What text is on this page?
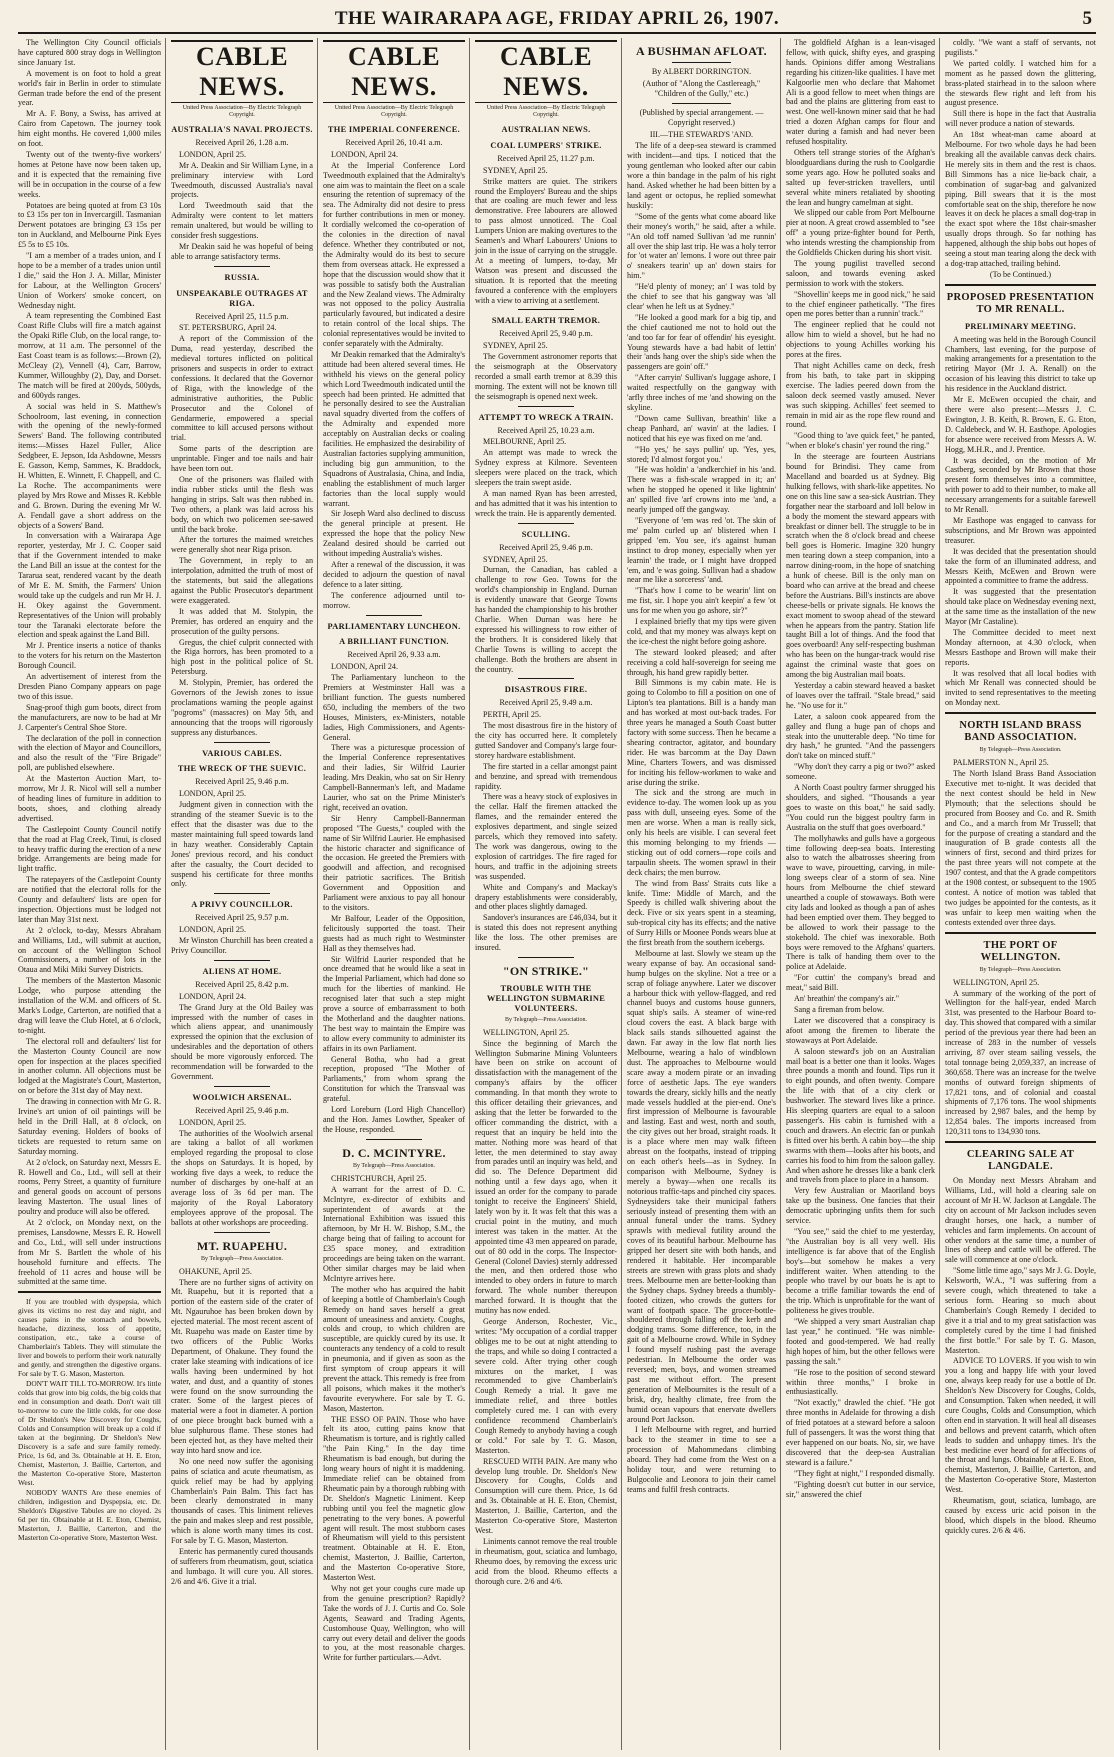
THE WAIRARAPA AGE, FRIDAY APRIL 26, 1907.	5

The Wellington City Council officials have captured 800 stray dogs in Wellington since January 1st.

A movement is on foot to hold a great world's fair in Berlin in order to stimulate German trade before the end of the present year.

Mr A. F. Bony, a Swiss, has arrived at Cairo from Capetown. The journey took him eight months. He covered 1,000 miles on foot.

Twenty out of the twenty-five workers' homes at Petone have now been taken up, and it is expected that the remaining five will be in occupation in the course of a few weeks.

Potatoes are being quoted at from £3 10s to £3 15s per ton in Invercargill. Tasmanian Derwent potatoes are bringing £3 15s per ton in Auckland, and Melbourne Pink Eyes £5 5s to £5 10s.

"I am a member of a trades union, and I hope to be a member of a trades union until I die," said the Hon J. A. Millar, Minister for Labour, at the Wellington Grocers' Union of Workers' smoke concert, on Wednesday night.

A team representing the Combined East Coast Rifle Clubs will fire a match against the Opaki Rifle Club, on the local range, to-morrow, at 11 a.m. The personnel of the East Coast team is as follows:—Brown (2), McCleay (2), Vennell (4), Carr, Barrow, Kummer, Willoughby (2), Day, and Dorset. The match will be fired at 200yds, 500yds, and 600yds ranges.

A social was held in S. Matthew's Schoolroom, last evening, in connection with the opening of the newly-formed Sewers' Band. The following contributed items:—Misses Hazel Fuller, Alice Sedgbeer, E. Jepson, Ida Ashdowne, Messrs E. Gasson, Kemp, Sammes, K. Braddock, H. Whitten, E. Winnett, F. Chappell, and C. La Roche. The accompaniments were played by Mrs Rowe and Misses R. Kebble and G. Brown. During the evening Mr W. A. Fendall gave a short address on the objects of a Sowers' Band.

In conversation with a Wairarapa Age reporter, yesterday, Mr J. C. Cooper said that if the Government intended to make the Land Bill an issue at the contest for the Tararua seat, rendered vacant by the death of Mr E. M. Smith, the Farmers' Union would take up the cudgels and run Mr H. J. H. Okey against the Government. Representatives of the Union will probably tour the Taranaki electorate before the election and speak against the Land Bill.

Mr J. Prentice inserts a notice of thanks to the voters for his return on the Masterton Borough Council.

An advertisement of interest from the Dresden Piano Company appears on page two of this issue.

Snag-proof thigh gum boots, direct from the manufacturers, are now to be had at Mr J. Carpenter's Central Shoe Store.

The declaration of the poll in connection with the election of Mayor and Councillors, and also the result of the "Fire Brigade" poll, are published elsewhere.

At the Masterton Auction Mart, to-morrow, Mr J. R. Nicol will sell a number of heading lines of furniture in addition to boots, shoes, and clothing already advertised.

The Castlepoint County Council notify that the road at Flag Creek, Tinui, is closed to heavy traffic during the erection of a new bridge. Arrangements are being made for light traffic.

The ratepayers of the Castlepoint County are notified that the electoral rolls for the County and defaulters' lists are open for inspection. Objections must be lodged not later than May 31st next.

At 2 o'clock, to-day, Messrs Abraham and Williams, Ltd., will submit at auction, on account of the Wellington School Commissioners, a number of lots in the Otaua and Miki Miki Survey Districts.

The members of the Masterton Masonic Lodge, who purpose attending the installation of the W.M. and officers of St. Mark's Lodge, Carterton, are notified that a drag will leave the Club Hotel, at 6 o'clock, to-night.

The electoral roll and defaulters' list for the Masterton County Council are now open for inspection at the places specified in another column. All objections must be lodged at the Magistrate's Court, Masterton, on or before the 31st day of May next.

The drawing in connection with Mr G. R. Irvine's art union of oil paintings will be held in the Drill Hall, at 8 o'clock, on Saturday evening. Holders of books of tickets are requested to return same on Saturday morning.

At 2 o'clock, on Saturday next, Messrs E. R. Howell and Co., Ltd., will sell at their rooms, Perry Street, a quantity of furniture and general goods on account of persons leaving Masterton. The usual lines of poultry and produce will also be offered.

At 2 o'clock, on Monday next, on the premises, Lansdowne, Messrs E. R. Howell and Co., Ltd., will sell under instructions from Mr S. Bartlett the whole of his household furniture and effects. The freehold of 11 acres and house will be submitted at the same time.

If you are troubled with dyspepsia, which gives its victims no rest day and night, and causes pains in the stomach and bowels, headache, dizziness, loss of appetite, constipation, etc., take a course of Chamberlain's Tablets. They will stimulate the liver and bowels to perform their work naturally and gently, and strengthen the digestive organs. For sale by T. G. Mason, Masterton.

DON'T WAIT TILL TO-MORROW. It's little colds that grow into big colds, the big colds that end in consumption and death. Don't wait till to-morrow to cure the little colds, for one dose of Dr Sheldon's New Discovery for Coughs, Colds and Consumption will break up a cold if taken at the beginning. Dr Sheldon's New Discovery is a safe and sure family remedy. Price, 1s 6d, and 3s. Obtainable at H. E. Eton, Chemist, Masterton, J. Baillie, Carterton, and the Masterton Co-operative Store, Masterton West.

NOBODY WANTS Are these enemies of children, indigestion and Dyspepsia, etc. Dr. Sheldon's Digestive Tabules are no cloyed. 2s 6d per tin. Obtainable at H. E. Eton, Chemist, Masterton, J. Baillie, Carterton, and the Masterton Co-operative Store, Masterton West.

CABLE NEWS.
United Press Association—By Electric Telegraph Copyright.
AUSTRALIA'S NAVAL PROJECTS.
Received April 26, 1.28 a.m.

LONDON, April 25.

Mr A. Deakin and Sir William Lyne, in a preliminary interview with Lord Tweedmouth, discussed Australia's naval projects.

Lord Tweedmouth said that the Admiralty were content to let matters remain unaltered, but would be willing to consider fresh suggestions.

Mr Deakin said he was hopeful of being able to arrange satisfactory terms.

RUSSIA.
UNSPEAKABLE OUTRAGES AT RIGA.
Received April 25, 11.5 p.m.

ST. PETERSBURG, April 24.

A report of the Commission of the Duma, read yesterday, described the medieval tortures inflicted on political prisoners and suspects in order to extract confessions. It declared that the Governor of Riga, with the knowledge of the administrative authorities, the Public Prosecutor and the Colonel of Gendarmerie, empowered a special committee to kill accused persons without trial.

Some parts of the description are unprintable. Finger and toe nails and hair have been torn out.

One of the prisoners was flailed with india rubber sticks until the flesh was hanging in strips. Salt was then rubbed in. Two others, a plank was laid across his body, on which two policemen see-sawed until the back broke.

After the tortures the maimed wretches were generally shot near Riga prison.

The Government, in reply to an interpolation, admitted the truth of most of the statements, but said the allegations against the Public Prosecutor's department were exaggerated.

It was added that M. Stolypin, the Premier, has ordered an enquiry and the prosecution of the guilty persons.

Gregus, the chief culprit connected with the Riga horrors, has been promoted to a high post in the political police of St. Petersburg.

M. Stolypin, Premier, has ordered the Governors of the Jewish zones to issue proclamations warning the people against "pogroms" (massacres) on May 5th, and announcing that the troops will rigorously suppress any disturbances.

VARIOUS CABLES.
THE WRECK OF THE SUEVIC.
Received April 25, 9.46 p.m.

LONDON, April 25.

Judgment given in connection with the stranding of the steamer Suevic is to the effect that the disaster was due to the master maintaining full speed towards land in hazy weather. Considerably Captain Jones' previous record, and his conduct after the casualty, the Court decided to suspend his certificate for three months only.

A PRIVY COUNCILLOR.
Received April 25, 9.57 p.m.

LONDON, April 25.

Mr Winston Churchill has been created a Privy Councillor.

ALIENS AT HOME.
Received April 25, 8.42 p.m.

LONDON, April 24.

The Grand Jury at the Old Bailey was impressed with the number of cases in which aliens appear, and unanimously expressed the opinion that the exclusion of undesirables and the deportation of others should be more vigorously enforced. The recommendation will be forwarded to the Government.

WOOLWICH ARSENAL.
Received April 25, 9.46 p.m.

LONDON, April 25.

The authorities of the Woolwich arsenal are taking a ballot of all workmen employed regarding the proposal to close the shops on Saturdays. It is hoped, by working five days a week, to reduce the number of discharges by one-half at an average loss of 3s 6d per man. The majority of the Royal Laboratory employees approve of the proposal. The ballots at other workshops are proceeding.

MT. RUAPEHU.
By Telegraph—Press Association.

OHAKUNE, April 25.

There are no further signs of activity on Mt. Ruapehu, but it is reported that a portion of the eastern side of the crater of Mt. Ngauruhoe has been broken down by ejected material. The most recent ascent of Mt. Ruapehu was made on Easter time by two officers of the Public Works Department, of Ohakune. They found the crater lake steaming with indications of ice walls having been undermined by hot water, and dust, and a quantity of stones were found on the snow surrounding the crater. Some of the largest pieces of material were a foot in diameter. A portion of one piece brought back burned with a blue sulphurous flame. These stones had been ejected hot, as they have melted their way into hard snow and ice.

No one need now suffer the agonising pains of sciatica and acute rheumatism, as quick relief may be had by applying Chamberlain's Pain Balm. This fact has been clearly demonstrated in many thousands of cases. This liniment relieves the pain and makes sleep and rest possible, which is alone worth many times its cost. For sale by T. G. Mason, Masterton.

Enteric has permanently cured thousands of sufferers from rheumatism, gout, sciatica and lumbago. It will cure you. All stores. 2/6 and 4/6. Give it a trial.

CABLE NEWS.
United Press Association—By Electric Telegraph Copyright.
THE IMPERIAL CONFERENCE.
Received April 26, 10.41 a.m.

LONDON, April 24.

At the Imperial Conference Lord Tweedmouth explained that the Admiralty's one aim was to maintain the fleet on a scale ensuring the retention of supremacy of the sea. The Admiralty did not desire to press for further contributions in men or money. It cordially welcomed the co-operation of the colonies in the direction of naval defence. Whether they contributed or not, the Admiralty would do its best to secure them from overseas attack. He expressed a hope that the discussion would show that it was possible to satisfy both the Australian and the New Zealand views. The Admiralty was not opposed to the policy Australia particularly favoured, but indicated a desire to retain control of the local ships. The colonial representatives would be invited to confer separately with the Admiralty.

Mr Deakin remarked that the Admiralty's attitude had been altered several times. He withheld his views on the general policy which Lord Tweedmouth indicated until the speech had been printed. He admitted that he personally desired to see the Australian naval squadry diverted from the coffers of the Admiralty and expended more acceptably on Australian decks or coaling facilities. He emphasized the desirability of Australian factories supplying ammunition, including big gun ammunition, to the Squadrons of Australasia, China, and India, enabling the establishment of much larger factories than the local supply would warrant.

Sir Joseph Ward also declined to discuss the general principle at present. He expressed the hope that the policy New Zealand desired should be carried out without impeding Australia's wishes.

After a renewal of the discussion, it was decided to adjourn the question of naval defence to a later sitting.

The conference adjourned until to-morrow.

PARLIAMENTARY LUNCHEON.
A BRILLIANT FUNCTION.
Received April 26, 9.33 a.m.

LONDON, April 24.

The Parliamentary luncheon to the Premiers at Westminster Hall was a brilliant function. The guests numbered 650, including the members of the two Houses, Ministers, ex-Ministers, notable ladies, High Commissioners, and Agents-General.

There was a picturesque procession of the Imperial Conference representatives and their ladies, Sir Wilfrid Laurier leading. Mrs Deakin, who sat on Sir Henry Campbell-Bannerman's left, and Madame Laurier, who sat on the Prime Minister's right, received an ovation.

Sir Henry Campbell-Bannerman proposed "The Guests," coupled with the name of Sir Wilfrid Laurier. He emphasised the historic character and significance of the occasion. He greeted the Premiers with goodwill and affection, and recognised their patriotic sacrifices. The British Government and Opposition and Parliament were anxious to pay all honour to the visitors.

Mr Balfour, Leader of the Opposition, felicitously supported the toast. Their guests had as much right to Westminster Hall as they themselves had.

Sir Wilfrid Laurier responded that he once dreamed that he would like a seat in the Imperial Parliament, which had done so much for the liberties of mankind. He recognised later that such a step might prove a source of embarrassment to both the Motherland and the daughter nations. The best way to maintain the Empire was to allow every community to administer its affairs in its own Parliament.

General Botha, who had a great reception, proposed "The Mother of Parliaments," from whom sprang the Constitution for which the Transvaal was grateful.

Lord Loreburn (Lord High Chancellor) and the Hon. James Lowther, Speaker of the House, responded.

D. C. MCINTYRE.
By Telegraph—Press Association.

CHRISTCHURCH, April 25.

A warrant for the arrest of D. C. McIntyre, ex-director of exhibits and superintendent of awards at the International Exhibition was issued this afternoon, by Mr H. W. Bishop, S.M., the charge being that of failing to account for £35 space money, and extradition proceedings are being taken on the warrant. Other similar charges may be laid when McIntyre arrives here.

The mother who has acquired the habit of keeping a bottle of Chamberlain's Cough Remedy on hand saves herself a great amount of uneasiness and anxiety. Coughs, colds and croup, to which children are susceptible, are quickly cured by its use. It counteracts any tendency of a cold to result in pneumonia, and if given as soon as the first symptom of croup appears it will prevent the attack. This remedy is free from all poisons, which makes it the mother's favourite everywhere. For sale by T. G. Mason, Masterton.

THE ESSO OF PAIN. Those who have felt its atoo, cutting pains know that Rheumatism is torture, and is rightly called "the Pain King." In the day time Rheumatism is bad enough, but during the long weary hours of night it is maddening. Immediate relief can be obtained from Rheumatic pain by a thorough rubbing with Dr. Sheldon's Magnetic Liniment. Keep rubbing until you feel the magnetic glow penetrating to the very bones. A powerful agent will result. The most stubborn cases of Rheumatism will yield to this persistent treatment. Obtainable at H. E. Eton, chemist, Masterton, J. Baillie, Carterton, and the Masterton Co-operative Store, Masterton West.

Why not get your coughs cure made up from the genuine prescription? Rapidly? Take the words of J. J. Curtis and Co. Sole Agents, Seaward and Trading Agents, Customhouse Quay, Wellington, who will carry out every detail and deliver the goods to you, at the most reasonable charges. Write for further particulars.—Advt.

CABLE NEWS.
United Press Association—By Electric Telegraph Copyright.
AUSTRALIAN NEWS.
COAL LUMPERS' STRIKE.
Received April 25, 11.27 p.m.

SYDNEY, April 25.

Strike matters are quiet. The strikers round the Employers' Bureau and the ships that are coaling are much fewer and less demonstrative. Free labourers are allowed to pass almost unnoticed. The Coal Lumpers Union are making overtures to the Seamen's and Wharf Labourers' Unions to join in the issue of carrying on the struggle. At a meeting of lumpers, to-day, Mr Watson was present and discussed the situation. It is reported that the meeting favoured a conference with the employers with a view to arriving at a settlement.

SMALL EARTH TREMOR.
Received April 25, 9.40 p.m.

SYDNEY, April 25.

The Government astronomer reports that the seismograph at the Observatory recorded a small earth tremor at 8.39 this morning. The extent will not be known till the seismograph is opened next week.

ATTEMPT TO WRECK A TRAIN.
Received April 25, 10.23 a.m.

MELBOURNE, April 25.

An attempt was made to wreck the Sydney express at Kilmore. Seventeen sleepers were placed on the track, which sleepers the train swept aside.

A man named Ryan has been arrested, and has admitted that it was his intention to wreck the train. He is apparently demented.

SCULLING.
Received April 25, 9.46 p.m.

SYDNEY, April 25.

Durnan, the Canadian, has cabled a challenge to row Geo. Towns for the world's championship in England. Durnan is evidently unaware that George Towns has handed the championship to his brother Charlie. When Durnan was here he expressed his willingness to row either of the brothers. It is considered likely that Charlie Towns is willing to accept the challenge. Both the brothers are absent in the country.

DISASTROUS FIRE.
Received April 25, 9.49 a.m.

PERTH, April 25.

The most disastrous fire in the history of the city has occurred here. It completely gutted Sandover and Company's large four-storey hardware establishment.

The fire started in a cellar amongst paint and benzine, and spread with tremendous rapidity.

There was a heavy stock of explosives in the cellar. Half the firemen attacked the flames, and the remainder entered the explosives department, and single seized parcels, which they removed into safety. The work was dangerous, owing to the explosion of cartridges. The fire raged for hours, and traffic in the adjoining streets was suspended.

White and Company's and Mackay's drapery establishments were considerably, and other places slightly damaged.

Sandover's insurances are £46,034, but it is stated this does not represent anything like the loss. The other premises are insured.

"ON STRIKE."
TROUBLE WITH THE WELLINGTON SUBMARINE VOLUNTEERS.
By Telegraph—Press Association.

WELLINGTON, April 25.

Since the beginning of March the Wellington Submarine Mining Volunteers have been on strike on account of dissatisfaction with the management of the company's affairs by the officer commanding. In that month they wrote to this officer detailing their grievances, and asking that the letter be forwarded to the officer commanding the district, with a request that an inquiry be held into the matter. Nothing more was heard of that letter, the men determined to stay away from parades until an inquiry was held, and did so. The Defence Department did nothing until a few days ago, when it issued an order for the company to parade tonight to receive the Engineers' Shield, lately won by it. It was felt that this was a crucial point in the mutiny, and much interest was taken in the matter. At the appointed time 43 men appeared on parade, out of 80 odd in the corps. The Inspector-General (Colonel Davies) sternly addressed the men, and then ordered those who intended to obey orders in future to march forward. The whole number thereupon marched forward. It is thought that the mutiny has now ended.

George Anderson, Rochester, Vic., writes: "My occupation of a cordial trapper obliges me to be out at night attending to the traps, and while so doing I contracted a severe cold. After trying other cough mixtures on the market, I was recommended to give Chamberlain's Cough Remedy a trial. It gave me immediate relief, and three bottles completely cured me. I can with every confidence recommend Chamberlain's Cough Remedy to anybody having a cough or cold." For sale by T. G. Mason, Masterton.

RESCUED WITH PAIN. Are many who develop lung trouble. Dr. Sheldon's New Discovery for Coughs, Colds and Consumption will cure them. Price, 1s 6d and 3s. Obtainable at H. E. Eton, Chemist, Masterton, J. Baillie, Carterton, and the Masterton Co-operative Store, Masterton West.

Liniments cannot remove the real trouble in rheumatism, gout, sciatica and lumbago, Rheumo does, by removing the excess uric acid from the blood. Rheumo effects a thorough cure. 2/6 and 4/6.

A BUSHMAN AFLOAT.
By ALBERT DORRINGTON.
(Author of "Along the Castlereagh," "Children of the Gully," etc.)
(Published by special arrangement. —Copyright reserved.)
III.—THE STEWARD'S 'AND.

The life of a deep-sea steward is crammed with incident—and tips. I noticed that the young gentleman who looked after our cabin wore a thin bandage in the palm of his right hand. Asked whether he had been bitten by a land agent or octopus, he replied somewhat huskily:

"Some of the gents what come aboard like their money's worth," he said, after a while. "An old toff named Sullivan 'ad me runnin' all over the ship last trip. He was a holy terror for 'ot water an' lemons. I wore out three pair o' sneakers tearin' up an' down stairs for him."

"He'd plenty of money; an' I was told by the chief to see that his gangway was 'all clear' when he left us at Sydney."

"He looked a good mark for a big tip, and the chief cautioned me not to hold out the 'and too far for fear of offendin' his eyesight. Young stewards have a bad habit of lettin' their 'ands hang over the ship's side when the passengers are goin' off."

"After carryin' Sullivan's luggage ashore, I waited respectfully on the gangway with 'arfly three inches of me 'and showing on the skyline.

"Down came Sullivan, breathin' like a cheap Panhard, an' wavin' at the ladies. I noticed that his eye was fixed on me 'and.

"'Ho yes,' he says pullin' up. 'Yes, yes, stored; I'd almost forgot you.'

"He was holdin' a 'andkerchief in his 'and. There was a fish-scale wrapped in it; an' when he stopped he opened it like lightnin' an' spilled five 'arf crowns into me 'and, a nearly jumped off the gangway.

"Everyone of 'em was red 'ot. The skin of me' palm curled up an' blistered when I gripped 'em. You see, it's against human instinct to drop money, especially when yer learnin' the trade, or I might have dropped 'em, and 'e was going. Sullivan had a shadow near me like a sorceress' 'and.

"That's how I come to be wearin' lint on me fist, sir. I hope you ain't keepin' a few 'ot uns for me when you go ashore, sir?"

I explained briefly that my tips were given cold, and that my money was always kept on the ice-chest the night before going ashore.

The steward looked pleased; and after receiving a cold half-sovereign for seeing me through, his hand grew rapidly better.

Bill Simmons is my cabin mate. He is going to Colombo to fill a position on one of Lipton's tea plantations. Bill is a handy man and has worked at most out-back trades. For three years he managed a South Coast butter factory with some success. Then he became a shearing contractor, agitator, and boundary rider. He was barcomm at the Day Dawn Mine, Charters Towers, and was dismissed for inciting his fellow-workmen to wake and arise during the strike.

The sick and the strong are much in evidence to-day. The women look up as you pass with dull, unseeing eyes. Some of the men are worse. When a man is really sick, only his heels are visible. I can several feet this morning belonging to my friends —sticking out of odd corners—rope coils and tarpaulin sheets. The women sprawl in their deck chairs; the men burrow.

The wind from Bass' Straits cuts like a knife. Time: Middle of March, and the Speedy is chilled walk shivering about the deck. Five or six years spent in a steaming, sub-tropical city has its effects; and the native of Surry Hills or Moonee Ponds wears blue at the first breath from the southern icebergs.

Melbourne at last. Slowly we steam up the weary expanse of bay. An occasional sand-hump bulges on the skyline. Not a tree or a scrap of foliage anywhere. Later we discover a harbour thick with yellow-flagged, and red channel buoys and customs house gunners, squat ship's sails. A steamer of wine-red cloud covers the east. A black barge with black sails stands silhouetted against the dawn. Far away in the low flat north lies Melbourne, wearing a halo of windblown dust. The approaches to Melbourne would scare away a modern pirate or an invading force of aesthetic Japs. The eye wanders towards the dreary, sickly hills and the neatly made vessels huddled at the pier-end. One's first impression of Melbourne is favourable and lasting. East and west, north and south, the city gives out her broad, straight roads. It is a place where men may walk fifteen abreast on the footpaths, instead of tripping on each other's heels—as in Sydney. In comparison with Melbourne, Sydney is merely a byway—when one recalls its notorious traffic-taps and pinched city spaces. Sydneysiders take their municipal fathers seriously instead of presenting them with an annual funeral under the trams. Sydney sprawls with medieval futility around the coves of its beautiful harbour. Melbourne has gripped her desert site with both hands, and rendered it habitable. Her incomparable streets are strewn with grass plots and shady trees. Melbourne men are better-looking than the Sydney chaps. Sydney breeds a thumbly-footed citizen, who crowds the gutters for want of footpath space. The grocer-bottle-shouldered through falling off the kerb and dodging trams. Some difference, too, in the gait of a Melbourne crowd. While in Sydney I found myself rushing past the average pedestrian. In Melbourne the order was reversed; men, boys, and women streamed past me without effort. The present generation of Melbournites is the result of a brisk, dry, healthy climate, free from the humid ocean vapours that enervate dwellers around Port Jackson.

I left Melbourne with regret, and hurried back to the steamer in time to see a procession of Mahommedans climbing aboard. They had come from the West on a holiday tour, and were returning to Bulgocolie and Leonora to join their camel teams and fulfil fresh contracts.

The goldfield Afghan is a lean-visaged fellow, with quick, shifty eyes, and grasping hands. Opinions differ among Westralians regarding his citizen-like qualities. I have met Kalgoorlie men who declare that Mahomet Ali is a good fellow to meet when things are bad and the plains are glittering from east to west. One well-known miner said that he had tried a dozen Afghan camps for flour and water during a famish and had never been refused hospitality.

Others tell strange stories of the Afghan's bloodguardians during the rush to Coolgardie some years ago. How he polluted soaks and salted up fever-stricken travellers, until several white miners retaliated by shooting the lean and hungry camelman at sight.

We slipped our cable from Port Melbourne pier at noon. A great crowd assembled to "see off" a young prize-fighter bound for Perth, who intends wresting the championship from the Goldfields Chicken during his short visit.

The young pugilist travelled second saloon, and towards evening asked permission to work with the stokers.

"Shovellin' keeps me in good nick," he said to the chief engineer pathetically. "The fires open me pores better than a runnin' track."

The engineer replied that he could not allow him to wield a shovel, but he had no objections to young Achilles working his pores at the fires.

That night Achilles came on deck, fresh from his bath, to take part in skipping exercise. The ladies peered down from the saloon deck seemed vastly amused. Never was such skipping. Achilles' feet seemed to remain in mid air as the rope flew round and round.

"Good thing to 'ave quick feet," he panted, "when er bloke's chasin' yer round the ring."

In the steerage are fourteen Austrians bound for Brindisi. They came from Macelland and boarded us at Sydney. Big hulking fellows, with shark-like appetites. No one on this line saw a sea-sick Austrian. They forgather near the starboard and loll below in a body the moment the steward appears with breakfast or dinner bell. The struggle to be in scratch when the 8 o'clock bread and cheese bell goes is Homeric. Imagine 320 hungry men tearing down a steep companion, into a narrow dining-room, in the hope of snatching a hunk of cheese. Bill is the only man on board who can arrive at the bread and cheese before the Austrians. Bill's instincts are above cheese-bells or private signals. He knows the exact moment to swoop ahead of the steward when he appears from the pantry. Station life taught Bill a lot of things. And the food that goes overboard! Any self-respecting bushman who has been on the hungar-track would rise against the criminal waste that goes on among the big Australian mail boats.

Yesterday a cabin steward heaved a basket of loaves over the taffrail. "Stale bread," said he. "No use for it."

Later, a saloon cook appeared from the galley and flung a huge pan of chops and steak into the unutterable deep. "No time for dry hash," he grunted. "And the passengers don't take on minced stuff."

"Why don't they carry a pig or two?" asked someone.

A North Coast poultry farmer shrugged his shoulders, and sighed. "Thousands a year goes to waste on this boat," he said sadly. "You could run the biggest poultry farm in Australia on the stuff that goes overboard."

The mollyhawks and gulls have a gorgeous time following deep-sea boats. Interesting also to watch the albatrosses sheering from wave to wave, pirouetting, carving, in mile-long sweeps clear of a storm of sea. Nine hours from Melbourne the chief steward unearthed a couple of stowaways. Both were city lads and looked as though a pan of ashes had been emptied over them. They begged to be allowed to work their passage to the stokehold. The chief was inexorable. Both boys were removed to the Afghans' quarters. There is talk of handing them over to the police at Adelaide.

"For cuttin' the company's bread and meat," said Bill.

An' breathin' the company's air."

Sang a fireman from below.

Later we discovered that a conspiracy is afoot among the firemen to liberate the stowaways at Port Adelaide.

A saloon steward's job on an Australian mail boat is a better one than it looks. Wages three pounds a month and found. Tips run it to eight pounds, and often twenty. Compare the life with that of a city clerk or bushworker. The steward lives like a prince. His sleeping quarters are equal to a saloon passenger's. His cabin is furnished with a couch and drawers. An electric fan or punkah is fitted over his berth. A cabin boy—the ship swarms with them—looks after his boots, and carries his food to him from the saloon galley. And when ashore he dresses like a bank clerk and travels from place to place in a hansom.

Very few Australian or Maoriland boys take up the business. One fancies that their democratic upbringing unfits them for such service.

"You see," said the chief to me yesterday, "the Australian boy is all very well. His intelligence is far above that of the English boy's—but somehow he makes a very indifferent waiter. When attending to the people who travel by our boats he is apt to become a trifle familiar towards the end of the trip. Which is unprofitable for the want of politeness he gives trouble.

"We shipped a very smart Australian chap last year," he continued. "He was nimble-footed and good-tempered. We had really high hopes of him, but the other fellows were passing the salt."

"He rose to the position of second steward within three months," I broke in enthusiastically.

"Not exactly," drawled the chief. "He got three months in Adelaide for throwing a dish of fried potatoes at a steward before a saloon full of passengers. It was the worst thing that ever happened on our boats. No, sir, we have discovered that the deep-sea Australian steward is a failure."

"They fight at night," I responded dismally.

"Fighting doesn't cut butter in our service, sir," answered the chief

coldly. "We want a staff of servants, not pugilists."

We parted coldly. I watched him for a moment as he passed down the glittering, brass-plated stairhead in to the saloon where the stewards flew right and left from his august presence.

Still there is hope in the fact that Australia will never produce a nation of stewards.

An 18st wheat-man came aboard at Melbourne. For two whole days he had been breaking all the available canvas deck chairs. He merely sits in them and the rest is chaos. Bill Simmons has a nice lie-back chair, a combination of sugar-bag and galvanized piping. Bill swears that it is the most comfortable seat on the ship, therefore he now leaves it on deck he places a small dog-trap in the exact spot where the 18st chair-smasher usually drops through. So far nothing has happened, although the ship bobs out hopes of seeing a stout man tearing along the deck with a dog-trap attached, trailing behind.

(To be Continued.)

PROPOSED PRESENTATION TO MR RENALL.
PRELIMINARY MEETING.

A meeting was held in the Borough Council Chambers, last evening, for the purpose of making arrangements for a presentation to the retiring Mayor (Mr J. A. Renall) on the occasion of his leaving this district to take up his residence in the Auckland district.

Mr E. McEwen occupied the chair, and there were also present:—Messrs J. C. Ewington, J. B. Keith, R. Brown, E. G. Eton, D. Caldebeck, and W. H. Easthope. Apologies for absence were received from Messrs A. W. Hogg, M.H.R., and J. Prentice.

It was decided, on the motion of Mr Castberg, seconded by Mr Brown that those present form themselves into a committee, with power to add to their number, to make all necessary arrangements for a suitable farewell to Mr Renall.

Mr Easthope was engaged to canvass for subscriptions, and Mr Brown was appointed treasurer.

It was decided that the presentation should take the form of an illuminated address, and Messrs Keith, McEwen and Brown were appointed a committee to frame the address.

It was suggested that the presentation should take place on Wednesday evening next, at the same time as the installation of the new Mayor (Mr Castaline).

The Committee decided to meet next Monday afternoon, at 4.30 o'clock, when Messrs Easthope and Brown will make their reports.

It was resolved that all local bodies with which Mr Renall was connected should be invited to send representatives to the meeting on Monday next.

NORTH ISLAND BRASS BAND ASSOCIATION.
By Telegraph—Press Association.

PALMERSTON N., April 25.

The North Island Brass Band Association Executive met to-night. It was decided that the next contest should be held in New Plymouth; that the selections should be procured from Boosey and Co. and R. Smith and Co., and a march from Mr Trussell; that for the purpose of creating a standard and the inauguration of B grade contests all the winners of first, second and third prizes for the past three years will not compete at the 1907 contest, and that the A grade competitors at the 1908 contest, or subsequent to the 1905 contest. A notice of motion was tabled that two judges be appointed for the contests, as it was unfair to keep men waiting when the contests extended over three days.

THE PORT OF WELLINGTON.
By Telegraph—Press Association.

WELLINGTON, April 25.

A summary of the working of the port of Wellington for the half-year, ended March 31st, was presented to the Harbour Board to-day. This showed that compared with a similar period of the previous year there had been an increase of 283 in the number of vessels arriving, 87 over steam sailing vessels, the total tonnage being 2,059,337, an increase of 360,658. There was an increase for the twelve months of outward foreign shipments of 17,821 tons, and of colonial and coastal shipments of 7,176 tons. The wool shipments increased by 2,987 bales, and the hemp by 12,854 bales. The imports increased from 120,311 tons to 134,930 tons.

CLEARING SALE AT LANGDALE.

On Monday next Messrs Abraham and Williams, Ltd., will hold a clearing sale on account of Mr H. W. Jackson at Langdale. The city on account of Mr Jackson includes seven draught horses, one hack, a number of vehicles and farm implements. On account of other vendors at the same time, a number of lines of sheep and cattle will be offered. The sale will commence at one o'clock.

"Some little time ago," says Mr J. G. Doyle, Kelsworth, W.A., "I was suffering from a severe cough, which threatened to take a serious form. Hearing so much about Chamberlain's Cough Remedy I decided to give it a trial and to my great satisfaction was completely cured by the time I had finished the first bottle." For sale by T. G. Mason, Masterton.

ADVICE TO LOVERS. If you wish to win you a long and happy life with your loved one, always keep ready for use a bottle of Dr. Sheldon's New Discovery for Coughs, Colds, and Consumption. Taken when needed, it will cure Coughs, Colds and Consumption, which often end in starvation. It will heal all diseases and bellows and prevent catarrh, which often leads to sudden and unhappy times. It's the best medicine ever heard of for affections of the throat and lungs. Obtainable at H. E. Eton, chemist, Masterton, J. Baillie, Carterton, and the Masterton Co-operative Store, Masterton West.

Rheumatism, gout, sciatica, lumbago, are caused by excess uric acid poison in the blood, which dispels in the blood. Rheumo quickly cures. 2/6 & 4/6.
